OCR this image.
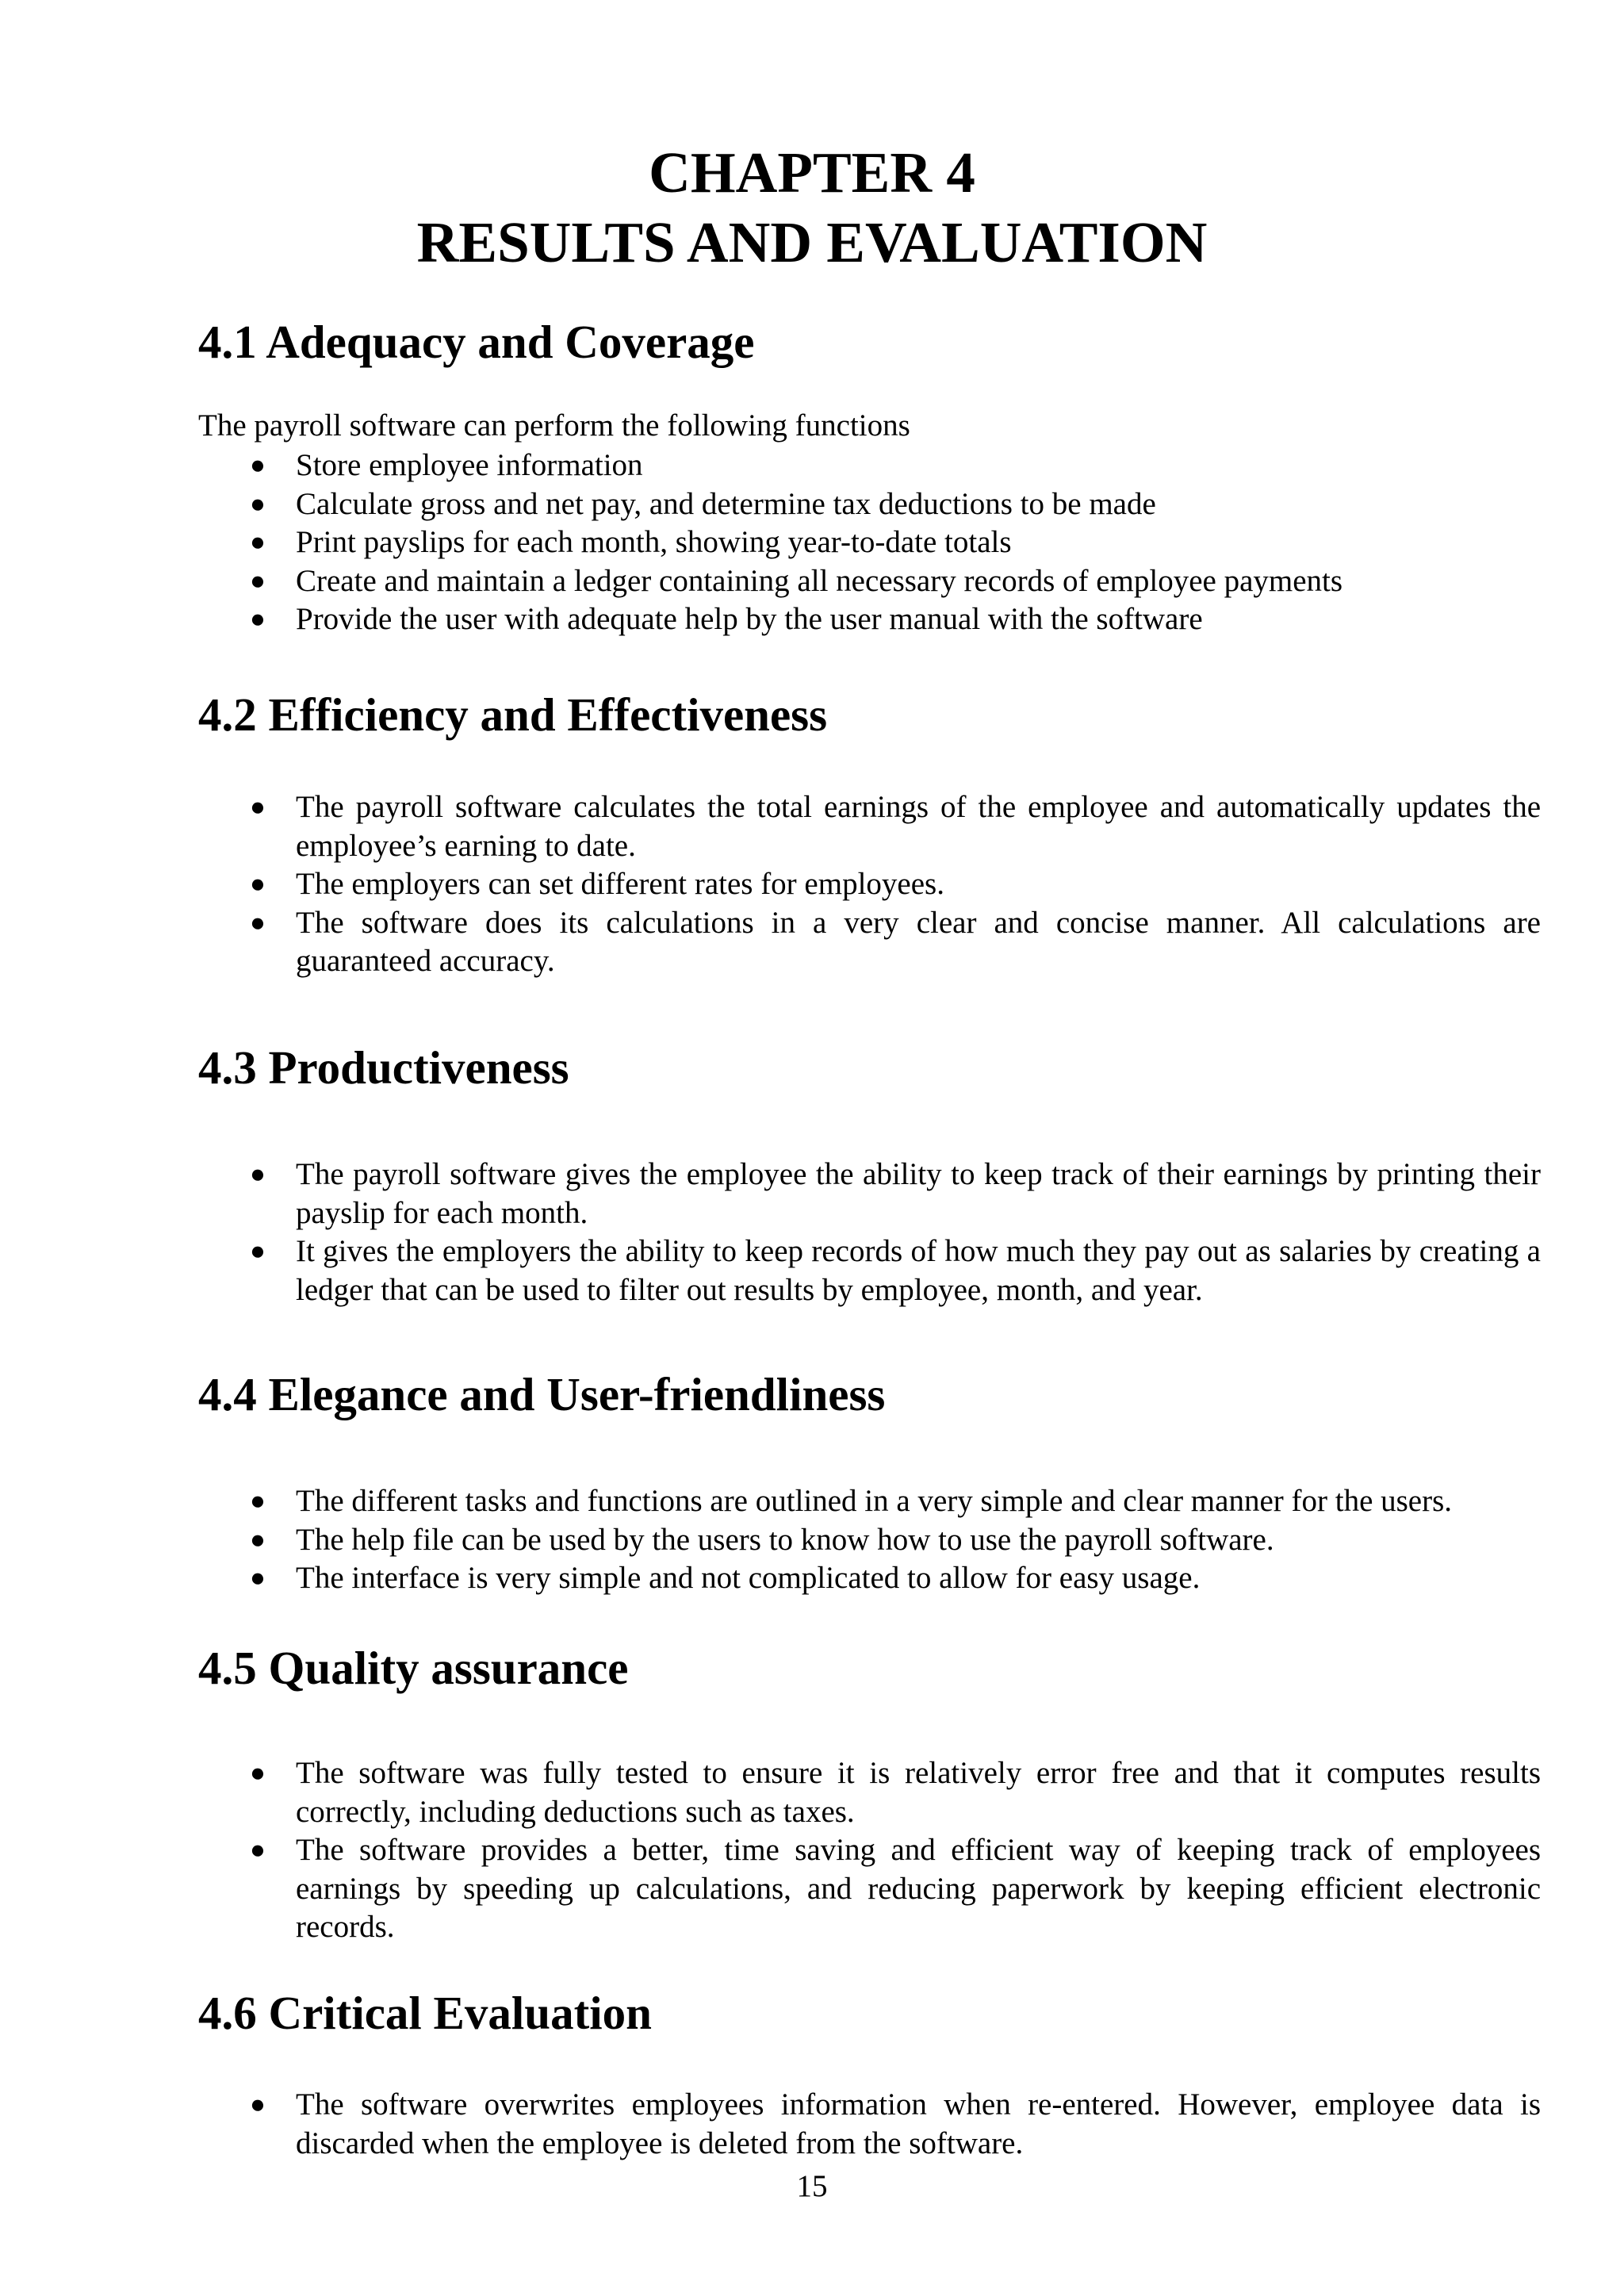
CHAPTER 4
RESULTS AND EVALUATION
4.1 Adequacy and Coverage
The payroll software can perform the following functions
● Store employee information
● Calculate gross and net pay, and determine tax deductions to be made
● Print payslips for each month, showing year-to-date totals
● Create and maintain a ledger containing all necessary records of employee payments
● Provide the user with adequate help by the user manual with the software
4.2 Efficiency and Effectiveness
● The payroll software calculates the total earnings of the employee and automatically updates the employee’s earning to date.
● The employers can set different rates for employees.
● The software does its calculations in a very clear and concise manner. All calculations are guaranteed accuracy.
4.3 Productiveness
● The payroll software gives the employee the ability to keep track of their earnings by printing their payslip for each month.
● It gives the employers the ability to keep records of how much they pay out as salaries by creating a ledger that can be used to filter out results by employee, month, and year.
4.4 Elegance and User-friendliness
● The different tasks and functions are outlined in a very simple and clear manner for the users.
● The help file can be used by the users to know how to use the payroll software.
● The interface is very simple and not complicated to allow for easy usage.
4.5 Quality assurance
● The software was fully tested to ensure it is relatively error free and that it computes results correctly, including deductions such as taxes.
● The software provides a better, time saving and efficient way of keeping track of employees earnings by speeding up calculations, and reducing paperwork by keeping efficient electronic records.
4.6 Critical Evaluation
● The software overwrites employees information when re-entered. However, employee data is discarded when the employee is deleted from the software.
15
